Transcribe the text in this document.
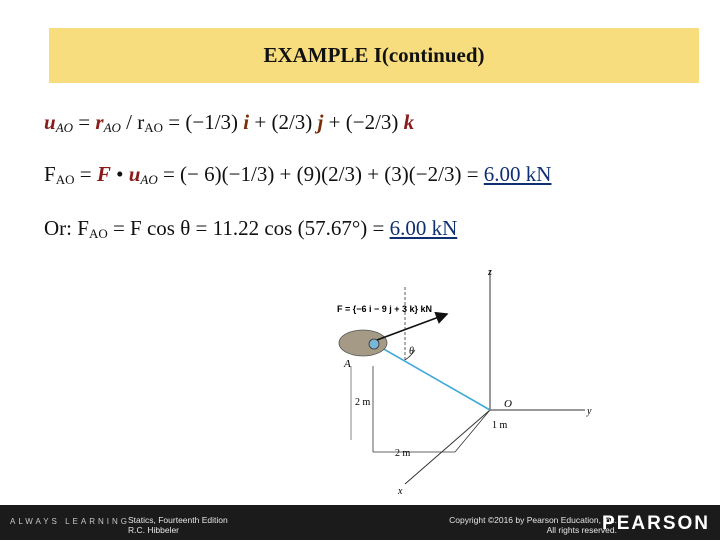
EXAMPLE I(continued)
$u_{AO} = r_{AO} / r_{AO} = (-1/3) i + (2/3) j + (-2/3)$ k
$F_{AO} = F$ • $u_{AO}$ = (− 6)(−1/3) + (9)(2/3) + (3)(−2/3) = 6.00 kN
Or: $F_{AO} = F$ cos θ = 11.22 cos (57.67°) = 6.00 kN
z
y
x
θ
A
O
F = {−6 i − 9 j + 3 k} kN
2 m
1 m
2 m
ALWAYS LEARNING
Statics, Fourteenth Edition
R.C. Hibbeler
Copyright ©2016 by Pearson Education, Inc.
All rights reserved.
PEARSON
